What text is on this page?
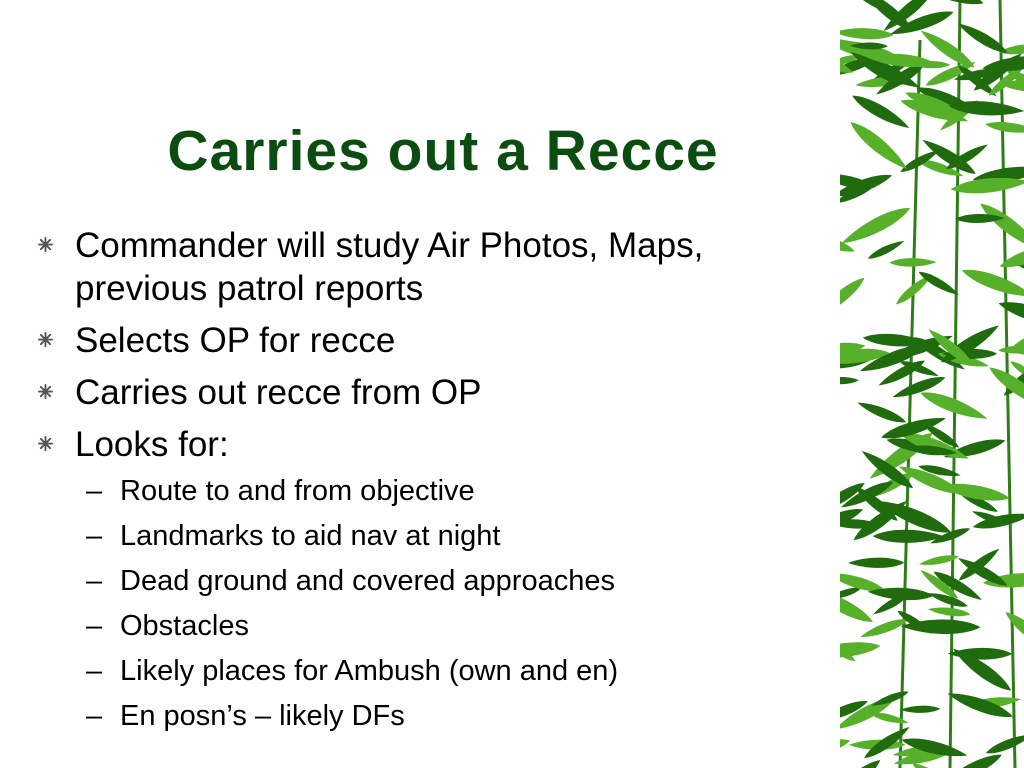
Carries out a Recce
Commander will study Air Photos, Maps,
previous patrol reports
Selects OP for recce
Carries out recce from OP
Looks for:
– Route to and from objective
– Landmarks to aid nav at night
– Dead ground and covered approaches
– Obstacles
– Likely places for Ambush (own and en)
– En posn’s – likely DFs
